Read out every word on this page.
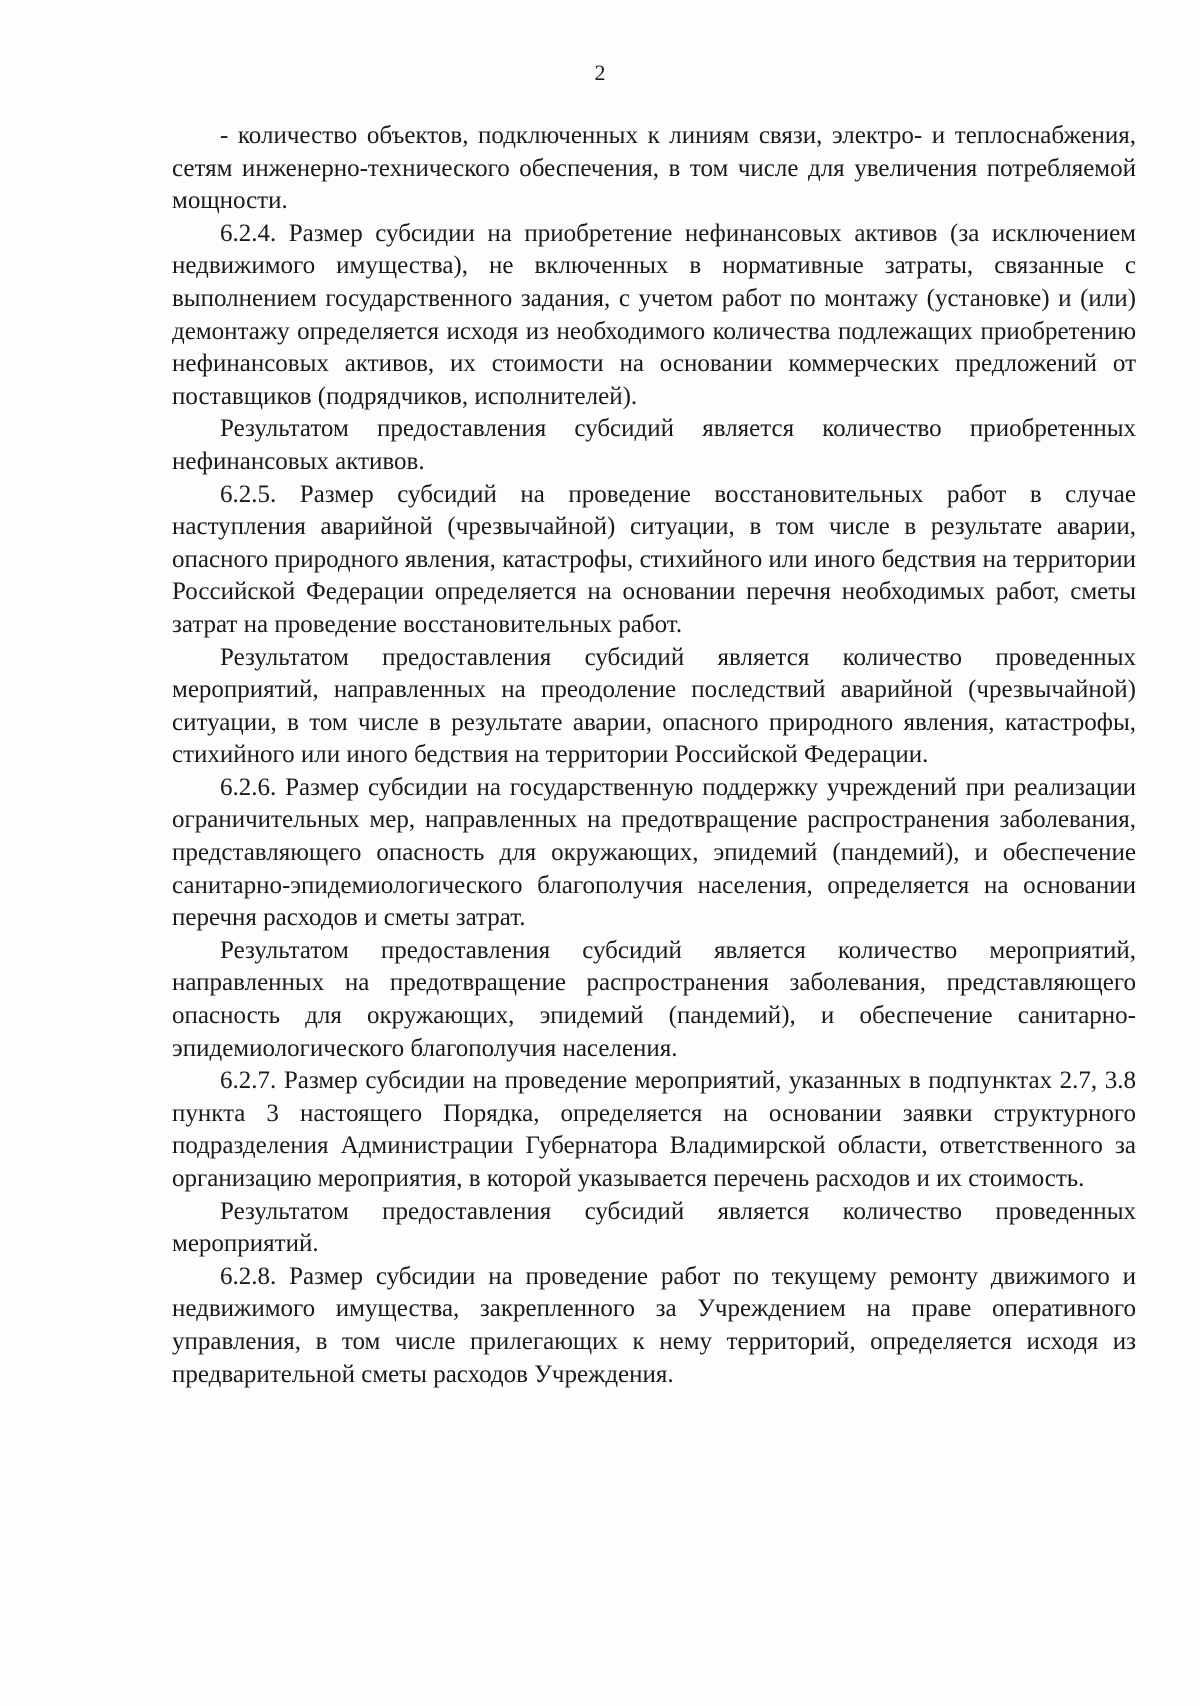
2

- количество объектов, подключенных к линиям связи, электро- и теплоснабжения, сетям инженерно-технического обеспечения, в том числе для увеличения потребляемой мощности.

6.2.4. Размер субсидии на приобретение нефинансовых активов (за исключением недвижимого имущества), не включенных в нормативные затраты, связанные с выполнением государственного задания, с учетом работ по монтажу (установке) и (или) демонтажу определяется исходя из необходимого количества подлежащих приобретению нефинансовых активов, их стоимости на основании коммерческих предложений от поставщиков (подрядчиков, исполнителей).

Результатом предоставления субсидий является количество приобретенных нефинансовых активов.

6.2.5. Размер субсидий на проведение восстановительных работ в случае наступления аварийной (чрезвычайной) ситуации, в том числе в результате аварии, опасного природного явления, катастрофы, стихийного или иного бедствия на территории Российской Федерации определяется на основании перечня необходимых работ, сметы затрат на проведение восстановительных работ.

Результатом предоставления субсидий является количество проведенных мероприятий, направленных на преодоление последствий аварийной (чрезвычайной) ситуации, в том числе в результате аварии, опасного природного явления, катастрофы, стихийного или иного бедствия на территории Российской Федерации.

6.2.6. Размер субсидии на государственную поддержку учреждений при реализации ограничительных мер, направленных на предотвращение распространения заболевания, представляющего опасность для окружающих, эпидемий (пандемий), и обеспечение санитарно-эпидемиологического благополучия населения, определяется на основании перечня расходов и сметы затрат.

Результатом предоставления субсидий является количество мероприятий, направленных на предотвращение распространения заболевания, представляющего опасность для окружающих, эпидемий (пандемий), и обеспечение санитарно-эпидемиологического благополучия населения.

6.2.7. Размер субсидии на проведение мероприятий, указанных в подпунктах 2.7, 3.8 пункта 3 настоящего Порядка, определяется на основании заявки структурного подразделения Администрации Губернатора Владимирской области, ответственного за организацию мероприятия, в которой указывается перечень расходов и их стоимость.

Результатом предоставления субсидий является количество проведенных мероприятий.

6.2.8. Размер субсидии на проведение работ по текущему ремонту движимого и недвижимого имущества, закрепленного за Учреждением на праве оперативного управления, в том числе прилегающих к нему территорий, определяется исходя из предварительной сметы расходов Учреждения.
